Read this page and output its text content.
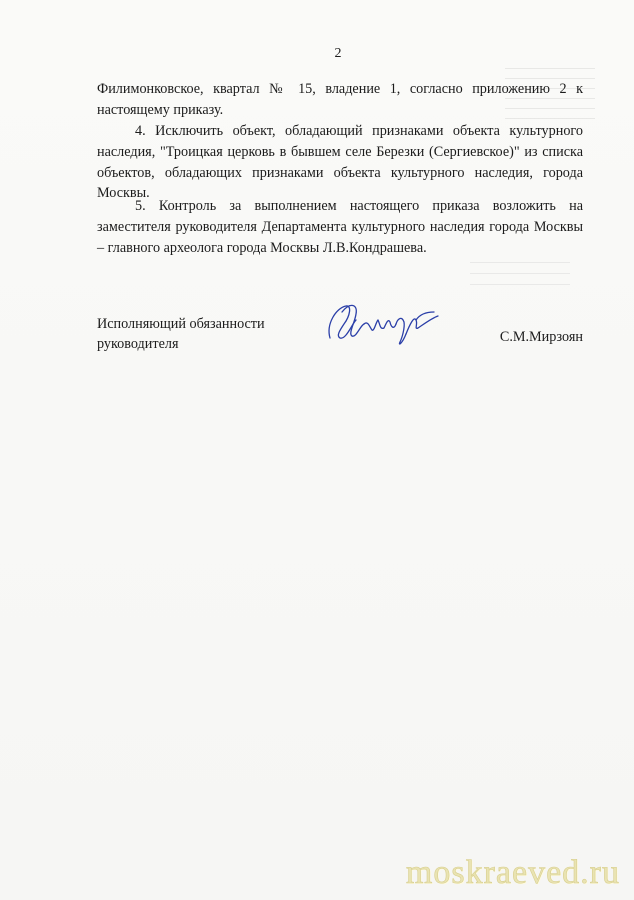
2

Филимонковское, квартал № 15, владение 1, согласно приложению 2 к настоящему приказу.

4. Исключить объект, обладающий признаками объекта культурного наследия, "Троицкая церковь в бывшем селе Березки (Сергиевское)" из списка объектов, обладающих признаками объекта культурного наследия, города Москвы.

5. Контроль за выполнением настоящего приказа возложить на заместителя руководителя Департамента культурного наследия города Москвы – главного археолога города Москвы Л.В.Кондрашева.

Исполняющий обязанности
руководителя	С.М.Мирзоян
moskraeved.ru
